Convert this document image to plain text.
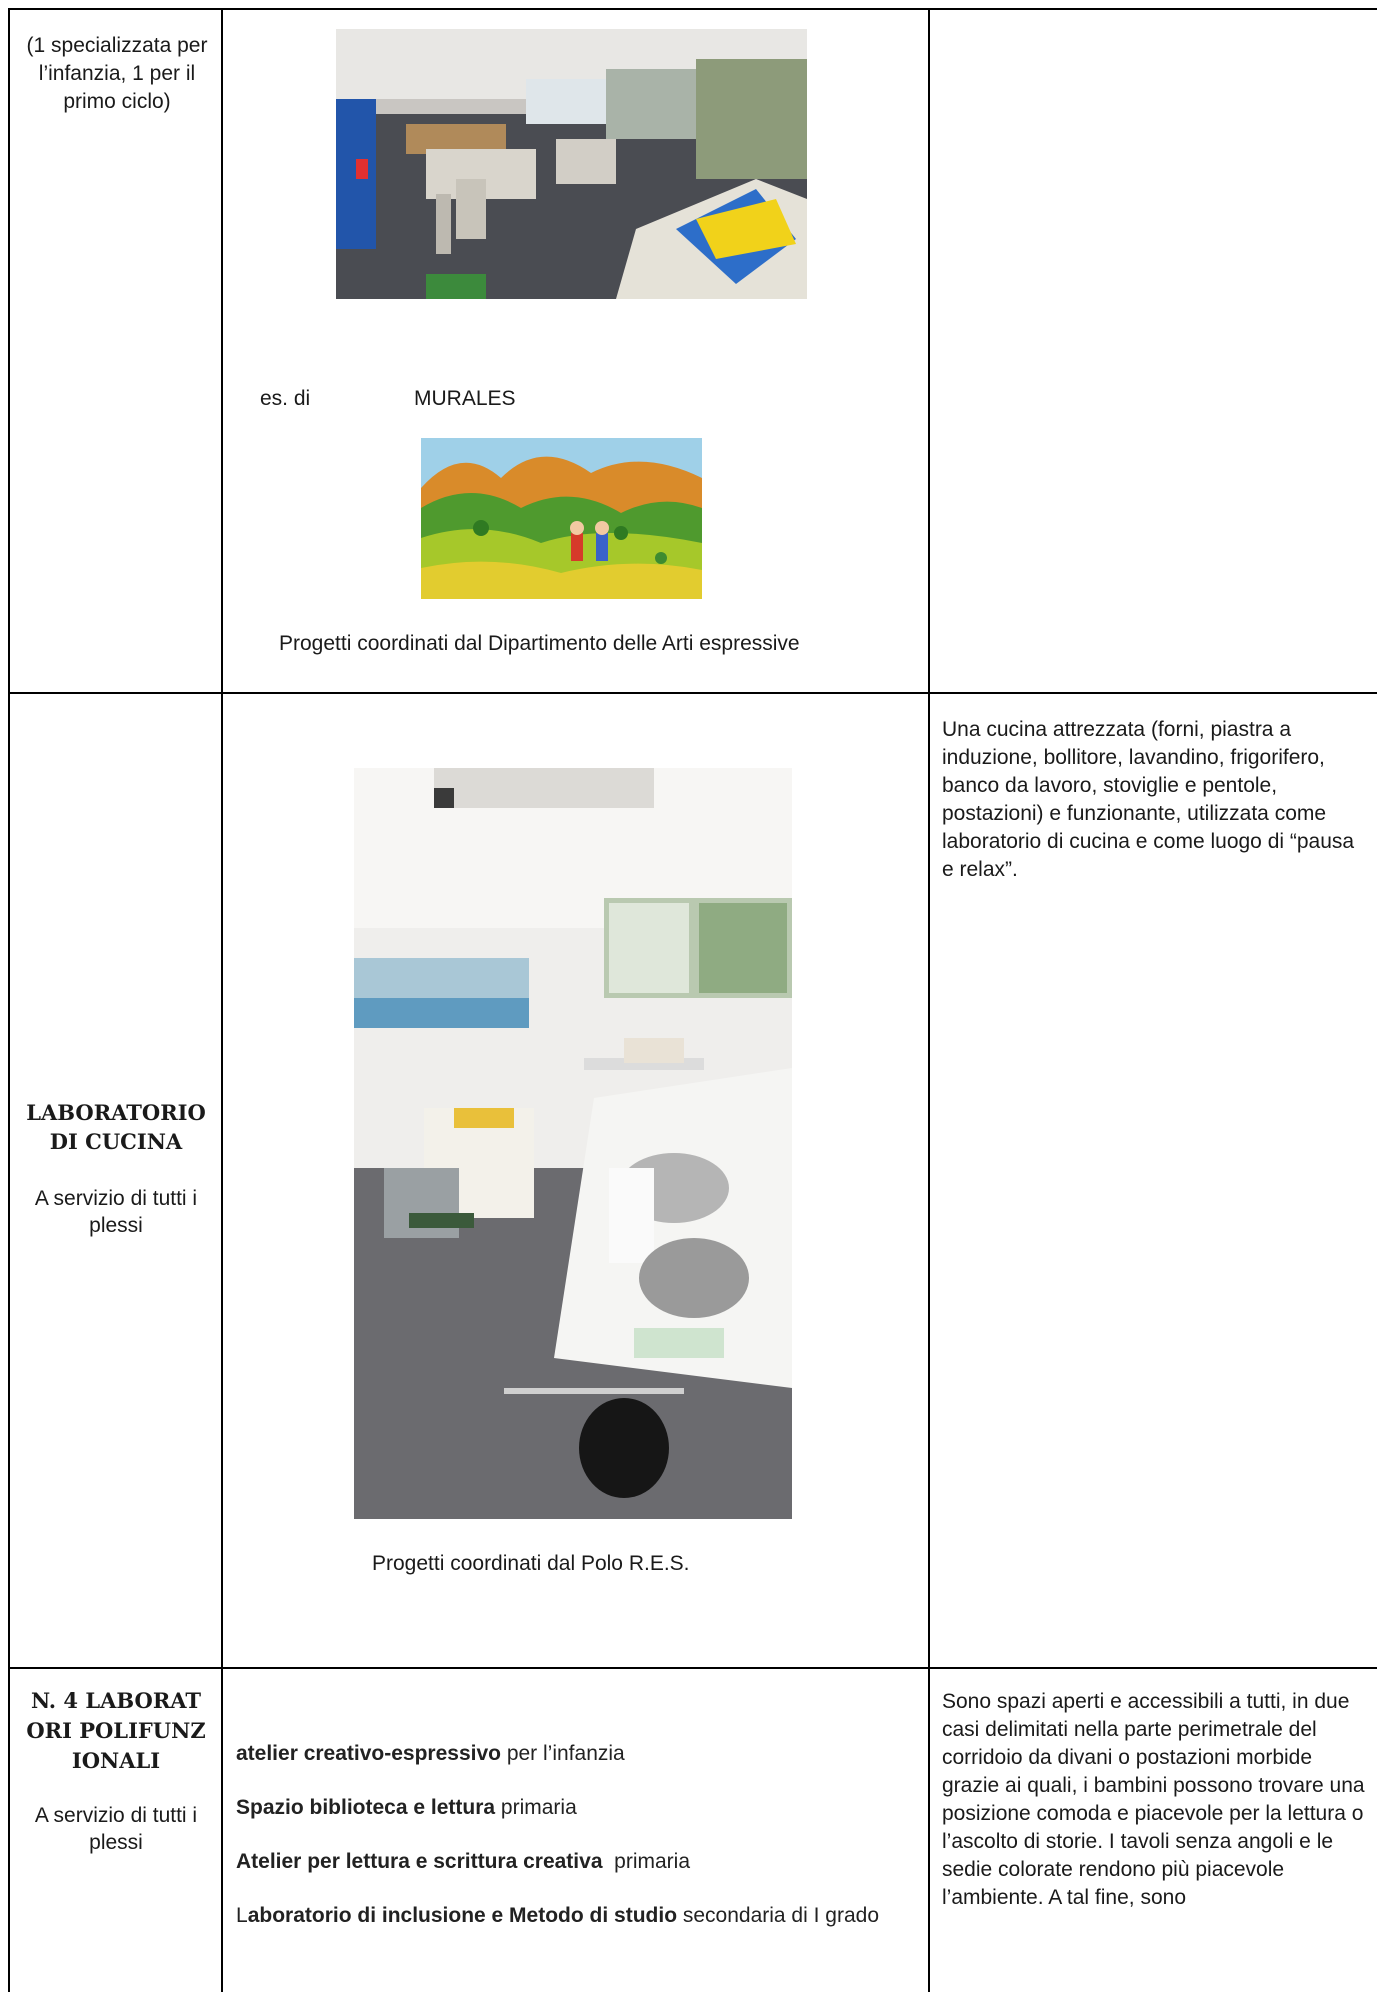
(1 specializzata per l’infanzia, 1 per il primo ciclo)
es. di	MURALES
Progetti coordinati dal Dipartimento delle Arti espressive
Progetti coordinati dal Polo R.E.S.
LABORATORIO DI CUCINA
A servizio di tutti i plessi
Una cucina attrezzata (forni, piastra a induzione, bollitore, lavandino, frigorifero, banco da lavoro, stoviglie e pentole, postazioni) e funzionante, utilizzata come laboratorio di cucina e come luogo di “pausa e relax”.
N. 4 LABORATORI POLIFUNZIONALI
A servizio di tutti i plessi
atelier creativo-espressivo per l’infanzia
Spazio biblioteca e lettura primaria
Atelier per lettura e scrittura creativa  primaria
Laboratorio di inclusione e Metodo di studio secondaria di I grado
Sono spazi aperti e accessibili a tutti, in due casi delimitati nella parte perimetrale del corridoio da divani o postazioni morbide grazie ai quali, i bambini possono trovare una posizione comoda e piacevole per la lettura o l’ascolto di storie. I tavoli senza angoli e le sedie colorate rendono più piacevole l’ambiente. A tal fine, sono
